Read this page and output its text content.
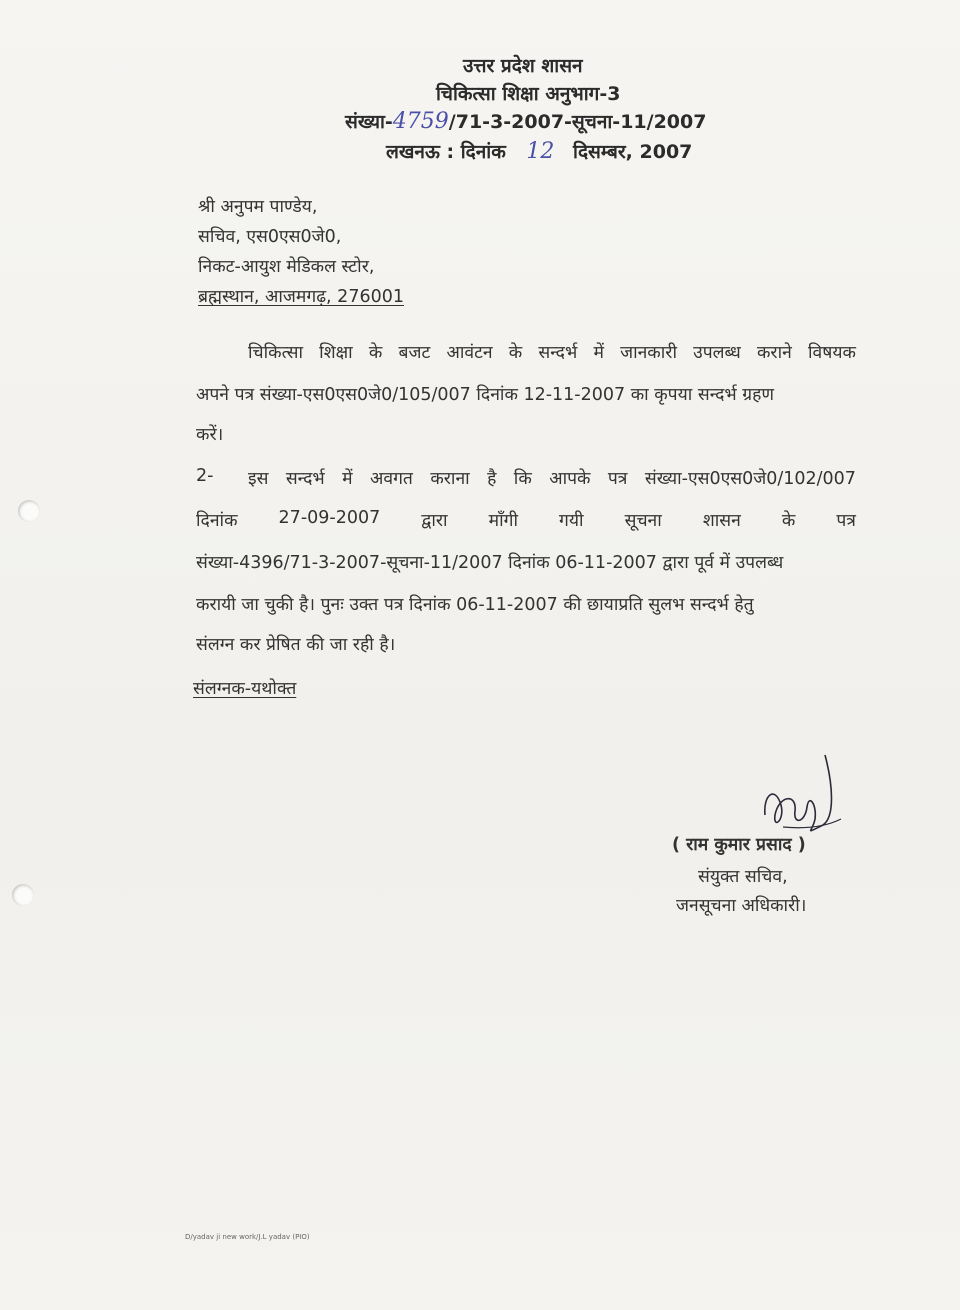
उत्तर प्रदेश शासन
चिकित्सा शिक्षा अनुभाग-3
संख्या-4759/71-3-2007-सूचना-11/2007
लखनऊ : दिनांक 12 दिसम्बर, 2007
श्री अनुपम पाण्डेय,
सचिव, एस0एस0जे0,
निकट-आयुश मेडिकल स्टोर,
ब्रह्मस्थान, आजमगढ़, 276001
चिकित्सा शिक्षा के बजट आवंटन के सन्दर्भ में जानकारी उपलब्ध कराने विषयक
अपने पत्र संख्या-एस0एस0जे0/105/007 दिनांक 12-11-2007 का कृपया सन्दर्भ ग्रहण
करें।
2-	इस सन्दर्भ में अवगत कराना है कि आपके पत्र संख्या-एस0एस0जे0/102/007
दिनांक 27-09-2007 द्वारा माँगी गयी सूचना शासन के पत्र
संख्या-4396/71-3-2007-सूचना-11/2007 दिनांक 06-11-2007 द्वारा पूर्व में उपलब्ध
करायी जा चुकी है। पुनः उक्त पत्र दिनांक 06-11-2007 की छायाप्रति सुलभ सन्दर्भ हेतु
संलग्न कर प्रेषित की जा रही है।
संलग्नक-यथोक्त
( राम कुमार प्रसाद )
संयुक्त सचिव,
जनसूचना अधिकारी।
D/yadav ji new work/J.L yadav (PIO)
